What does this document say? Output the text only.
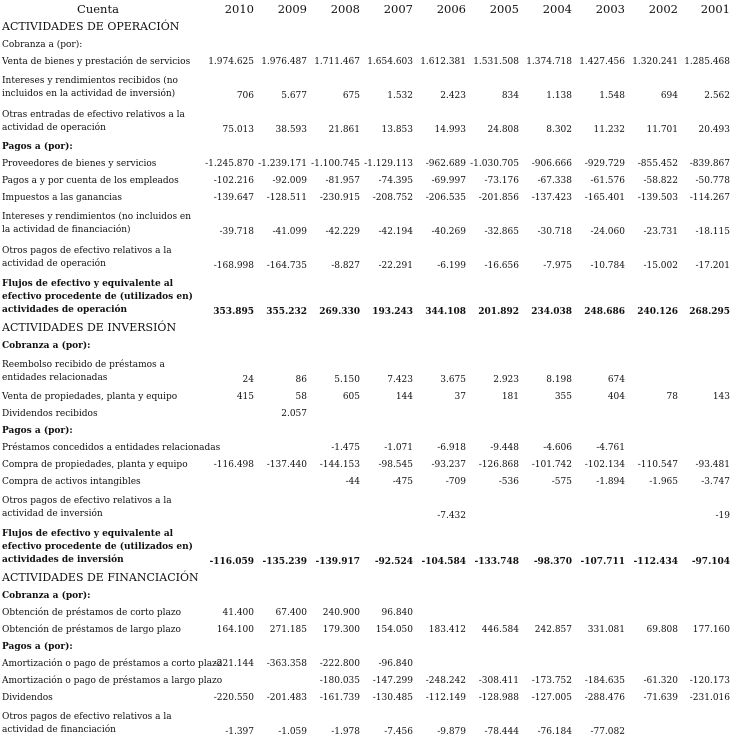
Cuenta	2010	2009	2008	2007	2006	2005	2004	2003	2002	2001
ACTIVIDADES DE OPERACIÓN										
Cobranza a (por):										
Venta de bienes y prestación de servicios	1.974.625	1.976.487	1.711.467	1.654.603	1.612.381	1.531.508	1.374.718	1.427.456	1.320.241	1.285.468
Intereses y rendimientos recibidos (no incluidos en la actividad de inversión)	706	5.677	675	1.532	2.423	834	1.138	1.548	694	2.562
Otras entradas de efectivo relativos a la actividad de operación	75.013	38.593	21.861	13.853	14.993	24.808	8.302	11.232	11.701	20.493
Pagos a (por):										
Proveedores de bienes y servicios	-1.245.870	-1.239.171	-1.100.745	-1.129.113	-962.689	-1.030.705	-906.666	-929.729	-855.452	-839.867
Pagos a y por cuenta de los empleados	-102.216	-92.009	-81.957	-74.395	-69.997	-73.176	-67.338	-61.576	-58.822	-50.778
Impuestos a las ganancias	-139.647	-128.511	-230.915	-208.752	-206.535	-201.856	-137.423	-165.401	-139.503	-114.267
Intereses y rendimientos (no incluidos en la actividad de financiación)	-39.718	-41.099	-42.229	-42.194	-40.269	-32.865	-30.718	-24.060	-23.731	-18.115
Otros pagos de efectivo relativos a la actividad de operación	-168.998	-164.735	-8.827	-22.291	-6.199	-16.656	-7.975	-10.784	-15.002	-17.201
Flujos de efectivo y equivalente al efectivo procedente de (utilizados en) actividades de operación	353.895	355.232	269.330	193.243	344.108	201.892	234.038	248.686	240.126	268.295
ACTIVIDADES DE INVERSIÓN										
Cobranza a (por):										
Reembolso recibido de préstamos a entidades relacionadas	24	86	5.150	7.423	3.675	2.923	8.198	674		
Venta de propiedades, planta y equipo	415	58	605	144	37	181	355	404	78	143
Dividendos recibidos		2.057								
Pagos a (por):										
Préstamos concedidos a entidades relacionadas			-1.475	-1.071	-6.918	-9.448	-4.606	-4.761		
Compra de propiedades, planta y equipo	-116.498	-137.440	-144.153	-98.545	-93.237	-126.868	-101.742	-102.134	-110.547	-93.481
Compra de activos intangibles			-44	-475	-709	-536	-575	-1.894	-1.965	-3.747
Otros pagos de efectivo relativos a la actividad de inversión					-7.432					-19
Flujos de efectivo y equivalente al efectivo procedente de (utilizados en) actividades de inversión	-116.059	-135.239	-139.917	-92.524	-104.584	-133.748	-98.370	-107.711	-112.434	-97.104
ACTIVIDADES DE FINANCIACIÓN										
Cobranza a (por):										
Obtención de préstamos de corto plazo	41.400	67.400	240.900	96.840						
Obtención de préstamos de largo plazo	164.100	271.185	179.300	154.050	183.412	446.584	242.857	331.081	69.808	177.160
Pagos a (por):										
Amortización o pago de préstamos a corto plazo	-221.144	-363.358	-222.800	-96.840						
Amortización o pago de préstamos a largo plazo			-180.035	-147.299	-248.242	-308.411	-173.752	-184.635	-61.320	-120.173
Dividendos	-220.550	-201.483	-161.739	-130.485	-112.149	-128.988	-127.005	-288.476	-71.639	-231.016
Otros pagos de efectivo relativos a la actividad de financiación	-1.397	-1.059	-1.978	-7.456	-9.879	-78.444	-76.184	-77.082		
